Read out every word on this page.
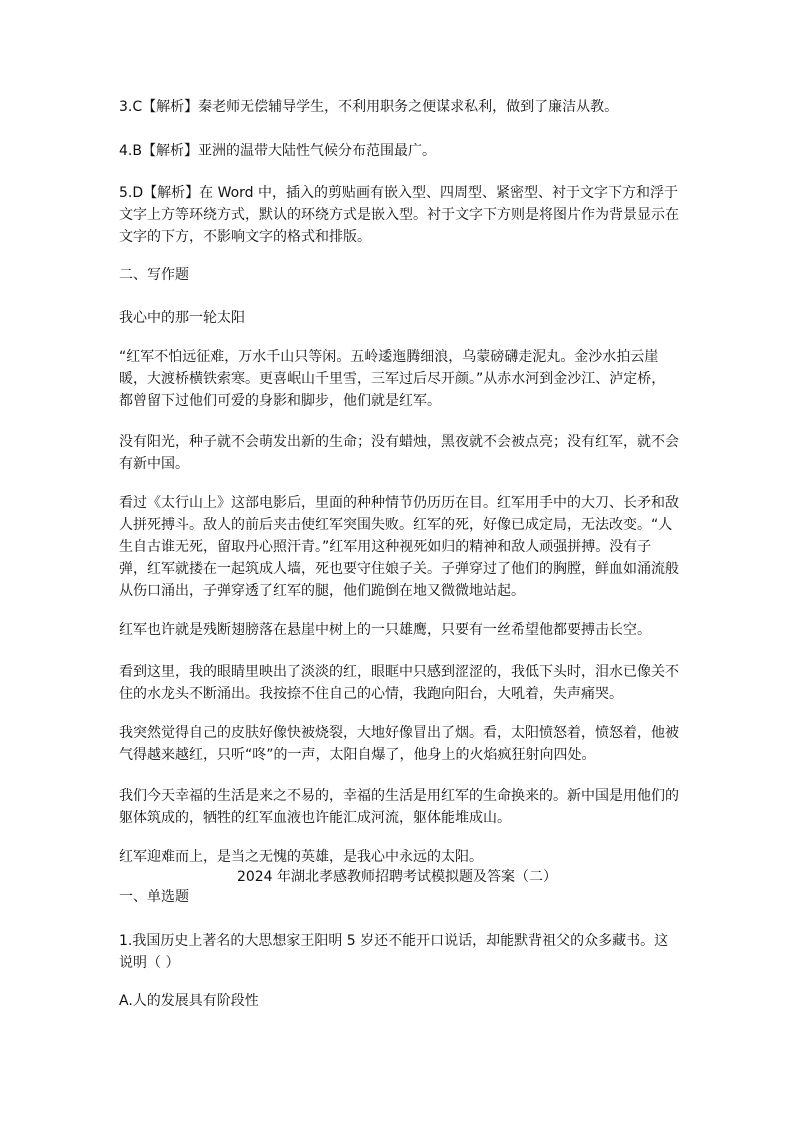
3.C【解析】秦老师无偿辅导学生，不利用职务之便谋求私利，做到了廉洁从教。

4.B【解析】亚洲的温带大陆性气候分布范围最广。

5.D【解析】在 Word 中，插入的剪贴画有嵌入型、四周型、紧密型、衬于文字下方和浮于文字上方等环绕方式，默认的环绕方式是嵌入型。衬于文字下方则是将图片作为背景显示在文字的下方，不影响文字的格式和排版。

二、写作题

我心中的那一轮太阳

“红军不怕远征难，万水千山只等闲。五岭逶迤腾细浪，乌蒙磅礴走泥丸。金沙水拍云崖暖，大渡桥横铁索寒。更喜岷山千里雪，三军过后尽开颜。”从赤水河到金沙江、泸定桥，都曾留下过他们可爱的身影和脚步，他们就是红军。

没有阳光，种子就不会萌发出新的生命；没有蜡烛，黑夜就不会被点亮；没有红军，就不会有新中国。

看过《太行山上》这部电影后，里面的种种情节仍历历在目。红军用手中的大刀、长矛和敌人拼死搏斗。敌人的前后夹击使红军突围失败。红军的死，好像已成定局，无法改变。“人生自古谁无死，留取丹心照汗青。”红军用这种视死如归的精神和敌人顽强拼搏。没有子弹，红军就搂在一起筑成人墙，死也要守住娘子关。子弹穿过了他们的胸膛，鲜血如涌流般从伤口涌出，子弹穿透了红军的腿，他们跪倒在地又微微地站起。

红军也许就是残断翅膀落在悬崖中树上的一只雄鹰，只要有一丝希望他都要搏击长空。

看到这里，我的眼睛里映出了淡淡的红，眼眶中只感到涩涩的，我低下头时，泪水已像关不住的水龙头不断涌出。我按捺不住自己的心情，我跑向阳台，大吼着，失声痛哭。

我突然觉得自己的皮肤好像快被烧裂，大地好像冒出了烟。看，太阳愤怒着，愤怒着，他被气得越来越红，只听“咚”的一声，太阳自爆了，他身上的火焰疯狂射向四处。

我们今天幸福的生活是来之不易的，幸福的生活是用红军的生命换来的。新中国是用他们的躯体筑成的，牺牲的红军血液也许能汇成河流，躯体能堆成山。

红军迎难而上，是当之无愧的英雄，是我心中永远的太阳。

2024 年湖北孝感教师招聘考试模拟题及答案（二）

一、单选题

1.我国历史上著名的大思想家王阳明 5 岁还不能开口说话，却能默背祖父的众多藏书。这说明（ ）

A.人的发展具有阶段性
